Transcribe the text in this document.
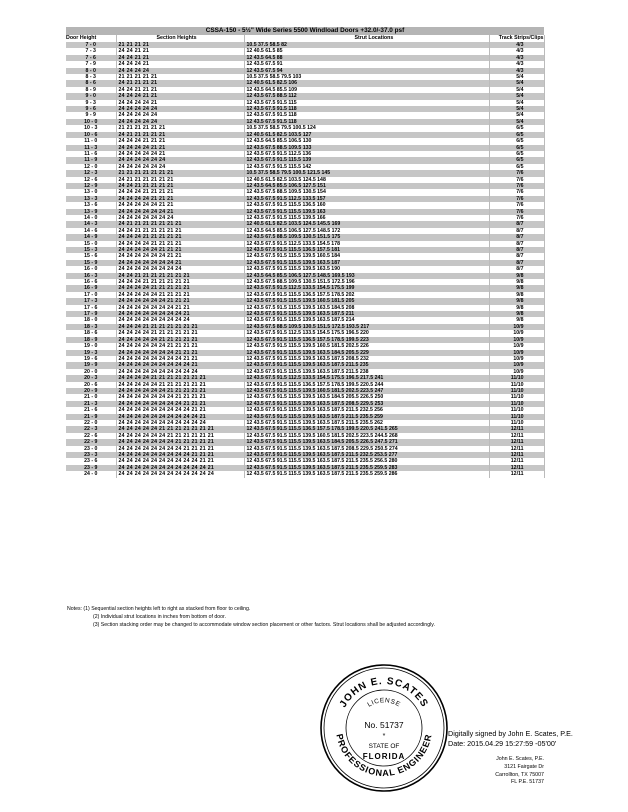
CSSA-150 - 5½" Wide Series 5500 Windload Doors +32.0/-37.0 psf			
Door Height	Section Heights	Strut Locations	Track Strips/Clips
7 - 0	21 21 21 21	10.5 37.5 58.5 82	4/3
7 - 3	24 24 21 21	12 40.5 61.5 85	4/3
7 - 6	24 24 21 21	12 43.5 64.5 88	4/3
7 - 9	24 24 24 21	12 43.5 67.5 91	4/3
8 - 0	24 24 24 24	12 43.5 67.5 94	4/3
8 - 3	21 21 21 21 21	10.5 37.5 58.5 79.5 103	5/4
8 - 6	24 21 21 21 21	12 40.5 61.5 82.5 106	5/4
8 - 9	24 24 21 21 21	12 43.5 64.5 85.5 109	5/4
9 - 0	24 24 24 21 21	12 43.5 67.5 88.5 112	5/4
9 - 3	24 24 24 24 21	12 43.5 67.5 91.5 115	5/4
9 - 6	24 24 24 24 24	12 43.5 67.5 91.5 118	5/4
9 - 9	24 24 24 24 24	12 43.5 67.5 91.5 118	5/4
10 - 0	24 24 24 24 24	12 43.5 67.5 91.5 118	5/4
10 - 3	21 21 21 21 21 21	10.5 37.5 58.5 79.5 100.5 124	6/5
10 - 6	24 21 21 21 21 21	12 40.5 61.5 82.5 103.5 127	6/5
11 - 0	24 24 24 21 21 21	12 43.5 64.5 85.5 106.5 130	6/5
11 - 3	24 24 24 24 21 21	12 43.5 67.5 88.5 109.5 133	6/5
11 - 6	24 24 24 24 24 21	12 43.5 67.5 91.5 112.5 136	6/5
11 - 9	24 24 24 24 24 24	12 43.5 67.5 91.5 115.5 139	6/5
12 - 0	24 24 24 24 24 24	12 43.5 67.5 91.5 115.5 142	6/5
12 - 3	21 21 21 21 21 21 21	10.5 37.5 58.5 79.5 100.5 121.5 145	7/6
12 - 6	24 21 21 21 21 21 21	12 40.5 61.5 82.5 103.5 124.5 148	7/6
12 - 9	24 24 21 21 21 21 21	12 43.5 64.5 85.5 106.5 127.5 151	7/6
13 - 0	24 24 24 21 21 21 21	12 43.5 67.5 88.5 109.5 130.5 154	7/6
13 - 3	24 24 24 24 21 21 21	12 43.5 67.5 91.5 112.5 133.5 157	7/6
13 - 6	24 24 24 24 24 21 21	12 43.5 67.5 91.5 115.5 136.5 160	7/6
13 - 9	24 24 24 24 24 24 21	12 43.5 67.5 91.5 115.5 139.5 163	7/6
14 - 0	24 24 24 24 24 24 24	12 43.5 67.5 91.5 115.5 139.5 166	7/6
14 - 3	24 21 21 21 21 21 21 21	12 40.5 61.5 82.5 103.5 124.5 145.5 169	8/7
14 - 6	24 24 21 21 21 21 21 21	12 43.5 64.5 85.5 106.5 127.5 148.5 172	8/7
14 - 9	24 24 24 21 21 21 21 21	12 43.5 67.5 88.5 109.5 130.5 151.5 175	8/7
15 - 0	24 24 24 24 21 21 21 21	12 43.5 67.5 91.5 112.5 133.5 154.5 178	8/7
15 - 3	24 24 24 24 24 21 21 21	12 43.5 67.5 91.5 115.5 136.5 157.5 181	8/7
15 - 6	24 24 24 24 24 24 21 21	12 43.5 67.5 91.5 115.5 139.5 160.5 184	8/7
15 - 9	24 24 24 24 24 24 24 21	12 43.5 67.5 91.5 115.5 139.5 163.5 187	8/7
16 - 0	24 24 24 24 24 24 24 24	12 43.5 67.5 91.5 115.5 139.5 163.5 190	8/7
16 - 3	24 24 21 21 21 21 21 21 21	12 43.5 64.5 85.5 106.5 127.5 148.5 169.5 193	9/8
16 - 6	24 24 24 21 21 21 21 21 21	12 43.5 67.5 88.5 109.5 130.5 151.5 172.5 196	9/8
16 - 9	24 24 24 24 21 21 21 21 21	12 43.5 67.5 91.5 112.5 133.5 154.5 175.5 199	9/8
17 - 0	24 24 24 24 24 21 21 21 21	12 43.5 67.5 91.5 115.5 136.5 157.5 178.5 202	9/8
17 - 3	24 24 24 24 24 24 21 21 21	12 43.5 67.5 91.5 115.5 139.5 160.5 181.5 205	9/8
17 - 6	24 24 24 24 24 24 24 21 21	12 43.5 67.5 91.5 115.5 139.5 163.5 184.5 208	9/8
17 - 9	24 24 24 24 24 24 24 24 21	12 43.5 67.5 91.5 115.5 139.5 163.5 187.5 211	9/8
18 - 0	24 24 24 24 24 24 24 24 24	12 43.5 67.5 91.5 115.5 139.5 163.5 187.5 214	9/8
18 - 3	24 24 24 21 21 21 21 21 21 21	12 43.5 67.5 88.5 109.5 130.5 151.5 172.5 193.5 217	10/9
18 - 6	24 24 24 24 21 21 21 21 21 21	12 43.5 67.5 91.5 112.5 133.5 154.5 175.5 196.5 220	10/9
18 - 9	24 24 24 24 24 21 21 21 21 21	12 43.5 67.5 91.5 115.5 136.5 157.5 178.5 199.5 223	10/9
19 - 0	24 24 24 24 24 24 21 21 21 21	12 43.5 67.5 91.5 115.5 139.5 160.5 181.5 202.5 226	10/9
19 - 3	24 24 24 24 24 24 24 21 21 21	12 43.5 67.5 91.5 115.5 139.5 163.5 184.5 205.5 229	10/9
19 - 6	24 24 24 24 24 24 24 24 21 21	12 43.5 67.5 91.5 115.5 139.5 163.5 187.5 208.5 232	10/9
19 - 9	24 24 24 24 24 24 24 24 24 21	12 43.5 67.5 91.5 115.5 139.5 163.5 187.5 211.5 235	10/9
20 - 0	24 24 24 24 24 24 24 24 24 24	12 43.5 67.5 91.5 115.5 139.5 163.5 187.5 211.5 238	10/9
20 - 3	24 24 24 24 21 21 21 21 21 21 21	12 43.5 67.5 91.5 112.5 133.5 154.5 175.5 196.5 217.5 241	11/10
20 - 6	24 24 24 24 24 21 21 21 21 21 21	12 43.5 67.5 91.5 115.5 136.5 157.5 178.5 199.5 220.5 244	11/10
20 - 9	24 24 24 24 24 24 21 21 21 21 21	12 43.5 67.5 91.5 115.5 139.5 160.5 181.5 202.5 223.5 247	11/10
21 - 0	24 24 24 24 24 24 24 21 21 21 21	12 43.5 67.5 91.5 115.5 139.5 163.5 184.5 205.5 226.5 250	11/10
21 - 3	24 24 24 24 24 24 24 24 21 21 21	12 43.5 67.5 91.5 115.5 139.5 163.5 187.5 208.5 229.5 253	11/10
21 - 6	24 24 24 24 24 24 24 24 24 21 21	12 43.5 67.5 91.5 115.5 139.5 163.5 187.5 211.5 232.5 256	11/10
21 - 9	24 24 24 24 24 24 24 24 24 24 21	12 43.5 67.5 91.5 115.5 139.5 163.5 187.5 211.5 235.5 259	11/10
22 - 0	24 24 24 24 24 24 24 24 24 24 24	12 43.5 67.5 91.5 115.5 139.5 163.5 187.5 211.5 235.5 262	11/10
22 - 3	24 24 24 24 24 21 21 21 21 21 21 21	12 43.5 67.5 91.5 115.5 136.5 157.5 178.5 199.5 220.5 241.5 265	12/11
22 - 6	24 24 24 24 24 24 21 21 21 21 21 21	12 43.5 67.5 91.5 115.5 139.5 160.5 181.5 202.5 223.5 244.5 268	12/11
22 - 9	24 24 24 24 24 24 24 21 21 21 21 21	12 43.5 67.5 91.5 115.5 139.5 163.5 184.5 205.5 226.5 247.5 271	12/11
23 - 0	24 24 24 24 24 24 24 24 21 21 21 21	12 43.5 67.5 91.5 115.5 139.5 163.5 187.5 208.5 229.5 250.5 274	12/11
23 - 3	24 24 24 24 24 24 24 24 24 21 21 21	12 43.5 67.5 91.5 115.5 139.5 163.5 187.5 211.5 232.5 253.5 277	12/11
23 - 6	24 24 24 24 24 24 24 24 24 24 21 21	12 43.5 67.5 91.5 115.5 139.5 163.5 187.5 211.5 235.5 256.5 280	12/11
23 - 9	24 24 24 24 24 24 24 24 24 24 24 21	12 43.5 67.5 91.5 115.5 139.5 163.5 187.5 211.5 235.5 259.5 283	12/11
24 - 0	24 24 24 24 24 24 24 24 24 24 24 24	12 43.5 67.5 91.5 115.5 139.5 163.5 187.5 211.5 235.5 259.5 286	12/11
Notes: (1) Sequential section heights left to right as stacked from floor to ceiling.
(2) Individual strut locations in inches from bottom of door.
(3) Section stacking order may be changed to accommodate window section placement or other factors. Strut locations shall be adjusted accordingly.
JOHN E. SCATES
PROFESSIONAL ENGINEER
LICENSE
No. 51737
*
STATE OF
FLORIDA
Digitally signed by John E. Scates, P.E.
Date: 2015.04.29 15:27:59 -05'00'
John E. Scates, P.E.
3121 Fairgate Dr
Carrollton, TX 75007
FL P.E. 51737
